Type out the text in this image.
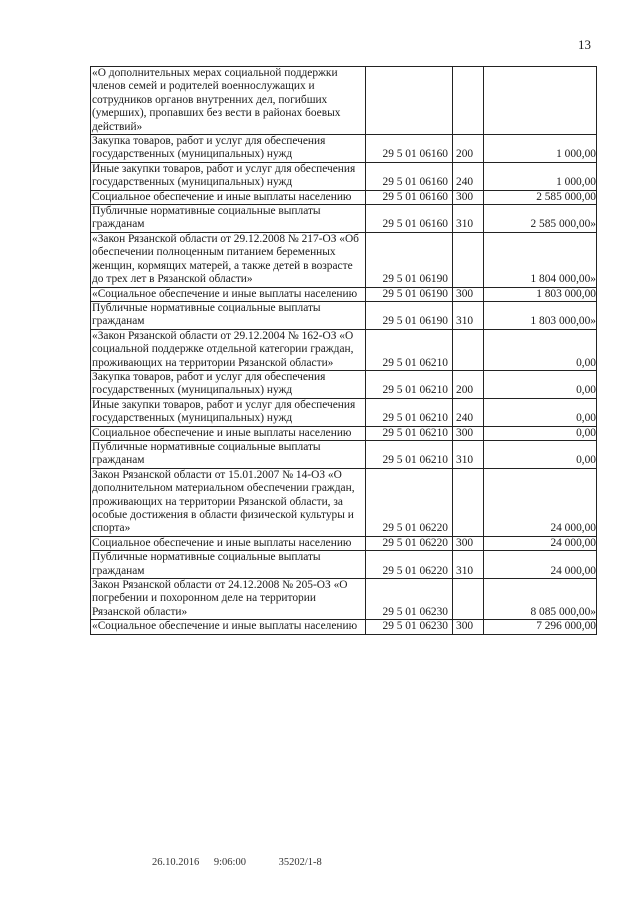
13
«О дополнительных мерах социальной поддержки членов семей и родителей военнослужащих и сотрудников органов внутренних дел, погибших (умерших), пропавших без вести в районах боевых действий»			
Закупка товаров, работ и услуг для обеспечения государственных (муниципальных) нужд	29 5 01 06160	200	1 000,00
Иные закупки товаров, работ и услуг для обеспечения государственных (муниципальных) нужд	29 5 01 06160	240	1 000,00
Социальное обеспечение и иные выплаты населению	29 5 01 06160	300	2 585 000,00
Публичные нормативные социальные выплаты гражданам	29 5 01 06160	310	2 585 000,00»
«Закон Рязанской области от 29.12.2008 № 217-ОЗ «Об обеспечении полноценным питанием беременных женщин, кормящих матерей, а также детей в возрасте до трех лет в Рязанской области»	29 5 01 06190		1 804 000,00»
«Социальное обеспечение и иные выплаты населению	29 5 01 06190	300	1 803 000,00
Публичные нормативные социальные выплаты гражданам	29 5 01 06190	310	1 803 000,00»
«Закон Рязанской области от 29.12.2004 № 162-ОЗ «О социальной поддержке отдельной категории граждан, проживающих на территории Рязанской области»	29 5 01 06210		0,00
Закупка товаров, работ и услуг для обеспечения государственных (муниципальных) нужд	29 5 01 06210	200	0,00
Иные закупки товаров, работ и услуг для обеспечения государственных (муниципальных) нужд	29 5 01 06210	240	0,00
Социальное обеспечение и иные выплаты населению	29 5 01 06210	300	0,00
Публичные нормативные социальные выплаты гражданам	29 5 01 06210	310	0,00
Закон Рязанской области от 15.01.2007 № 14-ОЗ «О дополнительном материальном обеспечении граждан, проживающих на территории Рязанской области, за особые достижения в области физической культуры и спорта»	29 5 01 06220		24 000,00
Социальное обеспечение и иные выплаты населению	29 5 01 06220	300	24 000,00
Публичные нормативные социальные выплаты гражданам	29 5 01 06220	310	24 000,00
Закон Рязанской области от 24.12.2008 № 205-ОЗ «О погребении и похоронном деле на территории Рязанской области»	29 5 01 06230		8 085 000,00»
«Социальное обеспечение и иные выплаты населению	29 5 01 06230	300	7 296 000,00
26.10.2016 9:06:00	35202/1-8
